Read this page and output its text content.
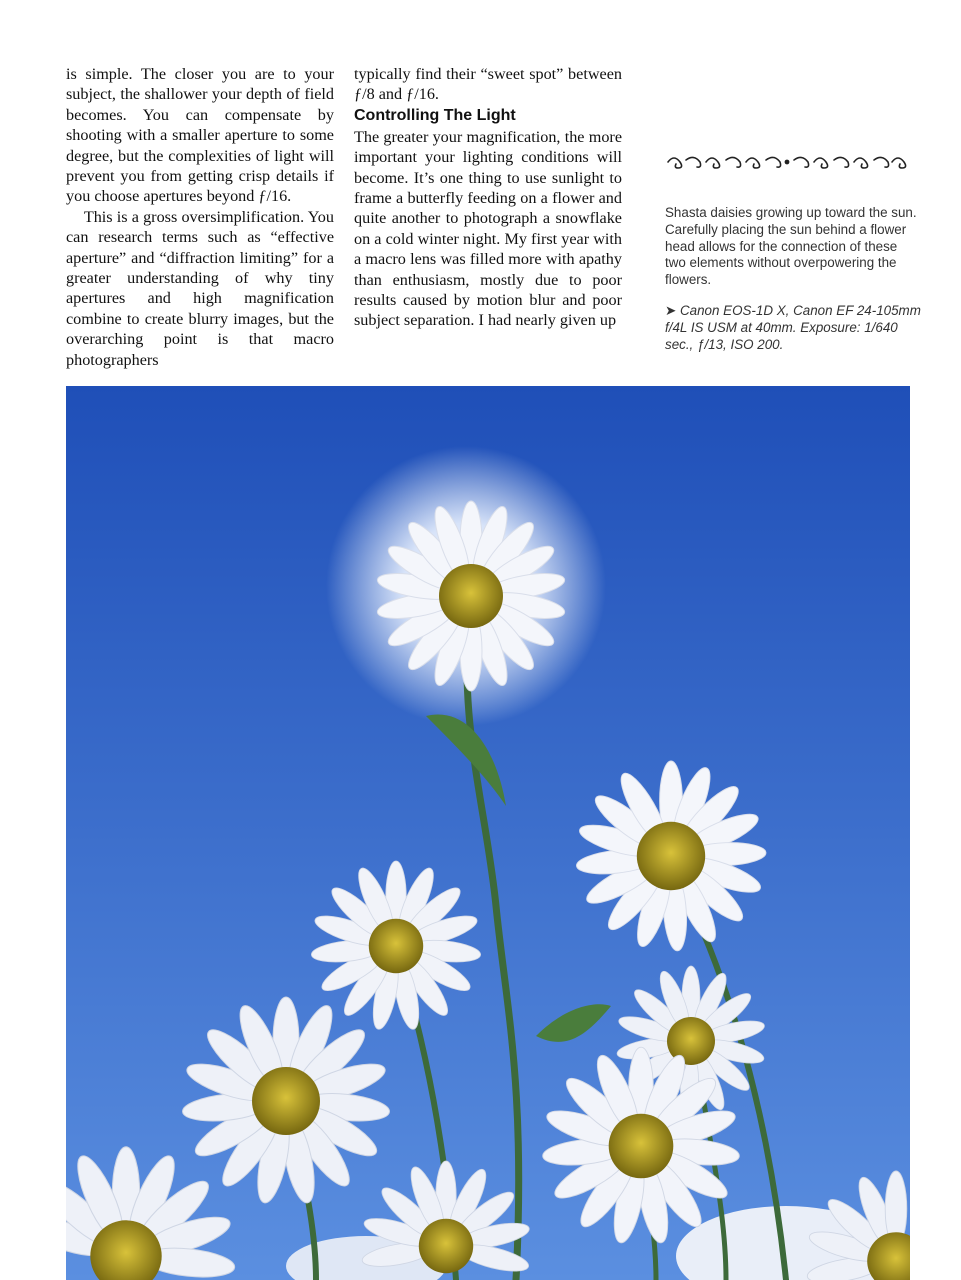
is simple. The closer you are to your subject, the shallower your depth of field becomes. You can compensate by shooting with a smaller aperture to some degree, but the complexities of light will prevent you from getting crisp details if you choose apertures beyond ƒ/16.

This is a gross oversimplification. You can research terms such as “effective aperture” and “diffraction limiting” for a greater understanding of why tiny apertures and high magnification combine to create blurry images, but the overarching point is that macro photographers

typically find their “sweet spot” between ƒ/8 and ƒ/16.

Controlling The Light

The greater your magnification, the more important your lighting conditions will become. It’s one thing to use sunlight to frame a butterfly feeding on a flower and quite another to photograph a snowflake on a cold winter night. My first year with a macro lens was filled more with apathy than enthusiasm, mostly due to poor results caused by motion blur and poor subject separation. I had nearly given up

Shasta daisies growing up toward the sun. Carefully placing the sun behind a flower head allows for the connection of these two elements without overpowering the flowers.

➤ Canon EOS-1D X, Canon EF 24-105mm f/4L IS USM at 40mm. Exposure: 1/640 sec., ƒ/13, ISO 200.
